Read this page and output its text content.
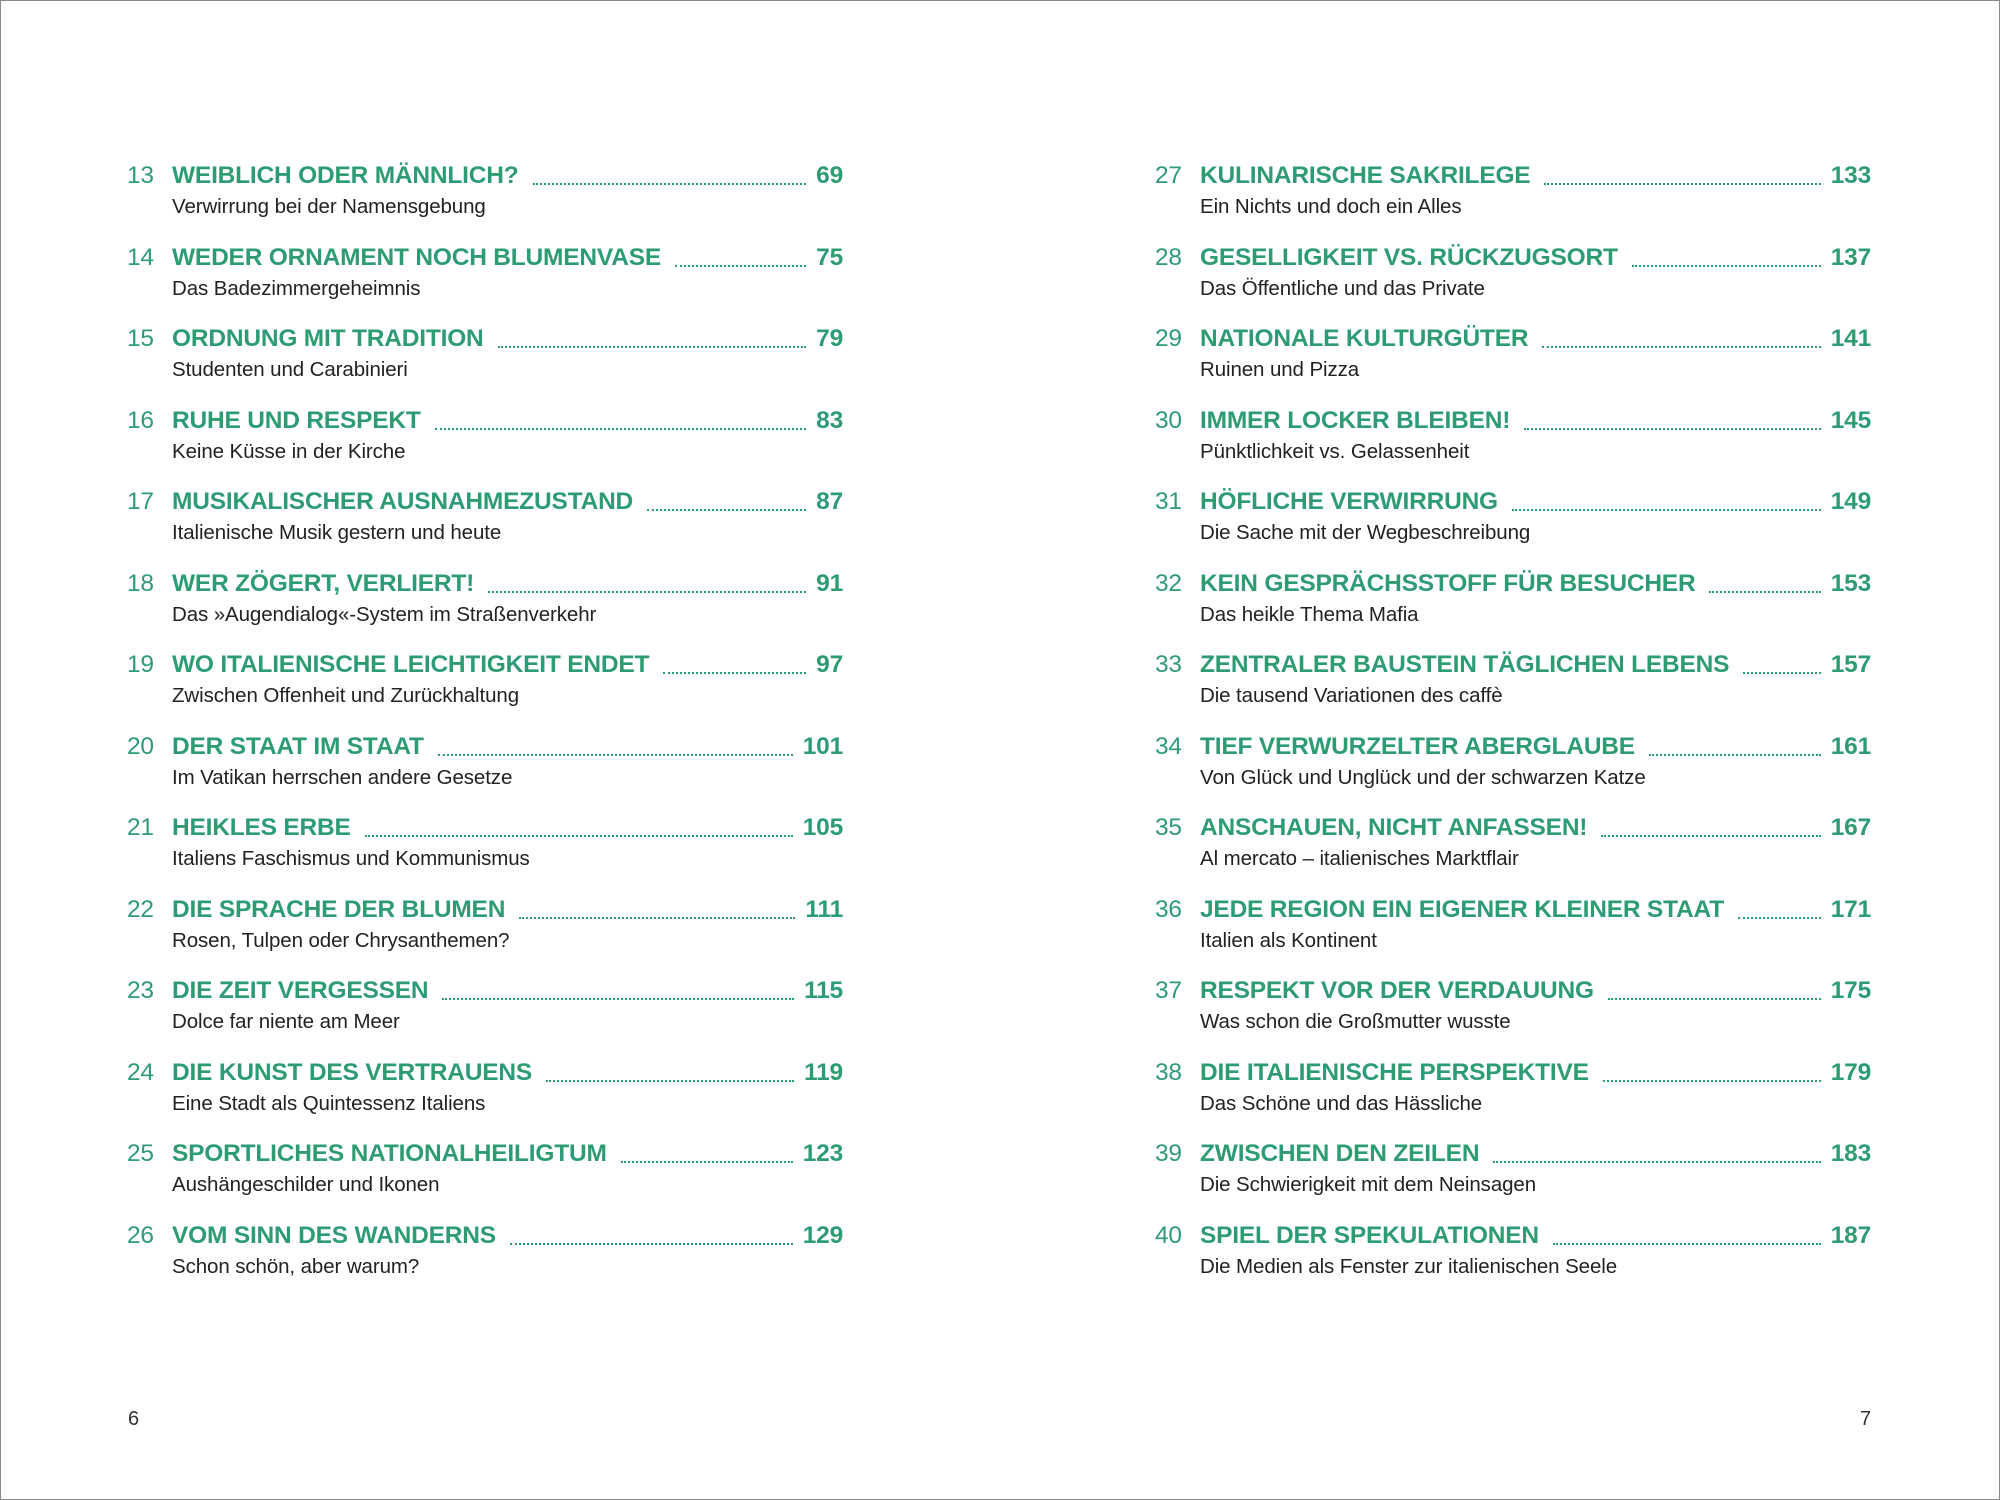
13 WEIBLICH ODER MÄNNLICH?	69
Verwirrung bei der Namensgebung
14 WEDER ORNAMENT NOCH BLUMENVASE	75
Das Badezimmergeheimnis
15 ORDNUNG MIT TRADITION	79
Studenten und Carabinieri
16 RUHE UND RESPEKT	83
Keine Küsse in der Kirche
17 MUSIKALISCHER AUSNAHMEZUSTAND	87
Italienische Musik gestern und heute
18 WER ZÖGERT, VERLIERT!	91
Das »Augendialog«-System im Straßenverkehr
19 WO ITALIENISCHE LEICHTIGKEIT ENDET	97
Zwischen Offenheit und Zurückhaltung
20 DER STAAT IM STAAT	101
Im Vatikan herrschen andere Gesetze
21 HEIKLES ERBE	105
Italiens Faschismus und Kommunismus
22 DIE SPRACHE DER BLUMEN	111
Rosen, Tulpen oder Chrysanthemen?
23 DIE ZEIT VERGESSEN	115
Dolce far niente am Meer
24 DIE KUNST DES VERTRAUENS	119
Eine Stadt als Quintessenz Italiens
25 SPORTLICHES NATIONALHEILIGTUM	123
Aushängeschilder und Ikonen
26 VOM SINN DES WANDERNS	129
Schon schön, aber warum?
27 KULINARISCHE SAKRILEGE	133
Ein Nichts und doch ein Alles
28 GESELLIGKEIT VS. RÜCKZUGSORT	137
Das Öffentliche und das Private
29 NATIONALE KULTURGÜTER	141
Ruinen und Pizza
30 IMMER LOCKER BLEIBEN!	145
Pünktlichkeit vs. Gelassenheit
31 HÖFLICHE VERWIRRUNG	149
Die Sache mit der Wegbeschreibung
32 KEIN GESPRÄCHSSTOFF FÜR BESUCHER	153
Das heikle Thema Mafia
33 ZENTRALER BAUSTEIN TÄGLICHEN LEBENS	157
Die tausend Variationen des caffè
34 TIEF VERWURZELTER ABERGLAUBE	161
Von Glück und Unglück und der schwarzen Katze
35 ANSCHAUEN, NICHT ANFASSEN!	167
Al mercato – italienisches Marktflair
36 JEDE REGION EIN EIGENER KLEINER STAAT	171
Italien als Kontinent
37 RESPEKT VOR DER VERDAUUNG	175
Was schon die Großmutter wusste
38 DIE ITALIENISCHE PERSPEKTIVE	179
Das Schöne und das Hässliche
39 ZWISCHEN DEN ZEILEN	183
Die Schwierigkeit mit dem Neinsagen
40 SPIEL DER SPEKULATIONEN	187
Die Medien als Fenster zur italienischen Seele
6	7
